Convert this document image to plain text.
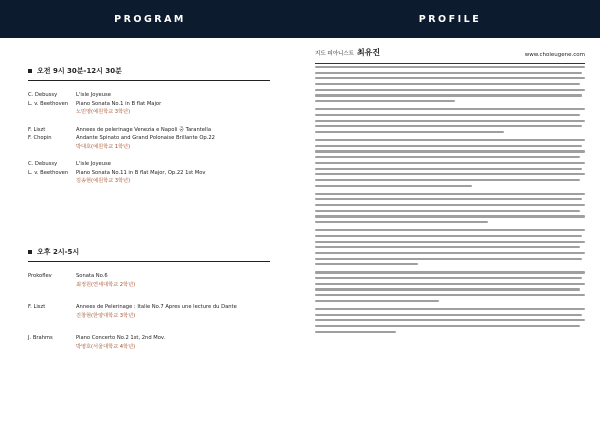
PROGRAM
오전 9시 30분-12시 30분
C. Debussy	L'isle Joyeuse
L. v. Beethoven	Piano Sonata No.1 in B flat Major
노민영(예원학교 3학년)
F. Liszt	Annees de pelerinage Venezia e Napoli 중 Tarantella
F. Chopin	Andante Spinato and Grand Polonaise Brillante Op.22
박대호(예원학교 1학년)
C. Debussy	L'isle Joyeuse
L. v. Beethoven	Piano Sonata No.11 in B flat Major, Op.22 1st Mov
김송현(예원학교 3학년)
오후 2시-5시
Prokoflev	Sonata No.6
최정원(연세대학교 2학년)
F. Liszt	Annees de Pelerinage : Italie No.7 Apres une lecture du Dante
진창현(한양대학교 3학년)
J. Brahms	Piano Concerto No.2 1st, 2nd Mov.
박영호(서울대학교 4학년)
PROFILE
지도 피아니스트 최유진	www.choieugene.com
